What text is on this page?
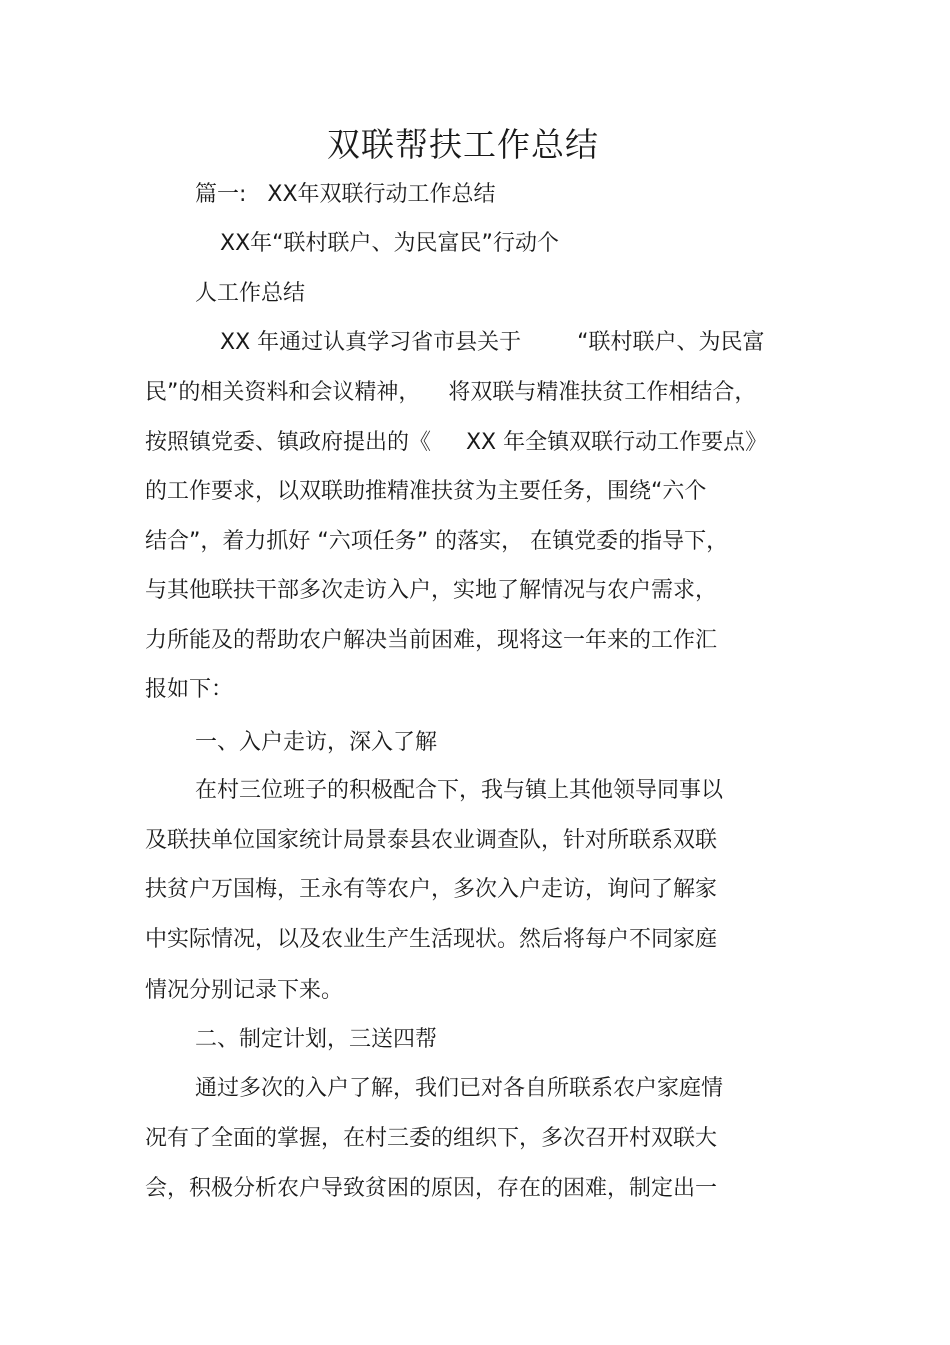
双联帮扶工作总结
篇一:   XX年双联行动工作总结
XX年“联村联户、为民富民”行动个
人工作总结
XX 年通过认真学习省市县关于        “联村联户、为民富
民”的相关资料和会议精神，    将双联与精准扶贫工作相结合，
按照镇党委、镇政府提出的《     XX 年全镇双联行动工作要点》
的工作要求，以双联助推精准扶贫为主要任务，围绕“六个
结合”，着力抓好 “六项任务” 的落实， 在镇党委的指导下，
与其他联扶干部多次走访入户，实地了解情况与农户需求，
力所能及的帮助农户解决当前困难，现将这一年来的工作汇
报如下：
一、入户走访，深入了解
在村三位班子的积极配合下，我与镇上其他领导同事以
及联扶单位国家统计局景泰县农业调查队，针对所联系双联
扶贫户万国梅，王永有等农户，多次入户走访，询问了解家
中实际情况，以及农业生产生活现状。然后将每户不同家庭
情况分别记录下来。
二、制定计划，三送四帮
通过多次的入户了解，我们已对各自所联系农户家庭情
况有了全面的掌握，在村三委的组织下，多次召开村双联大
会，积极分析农户导致贫困的原因，存在的困难，制定出一
